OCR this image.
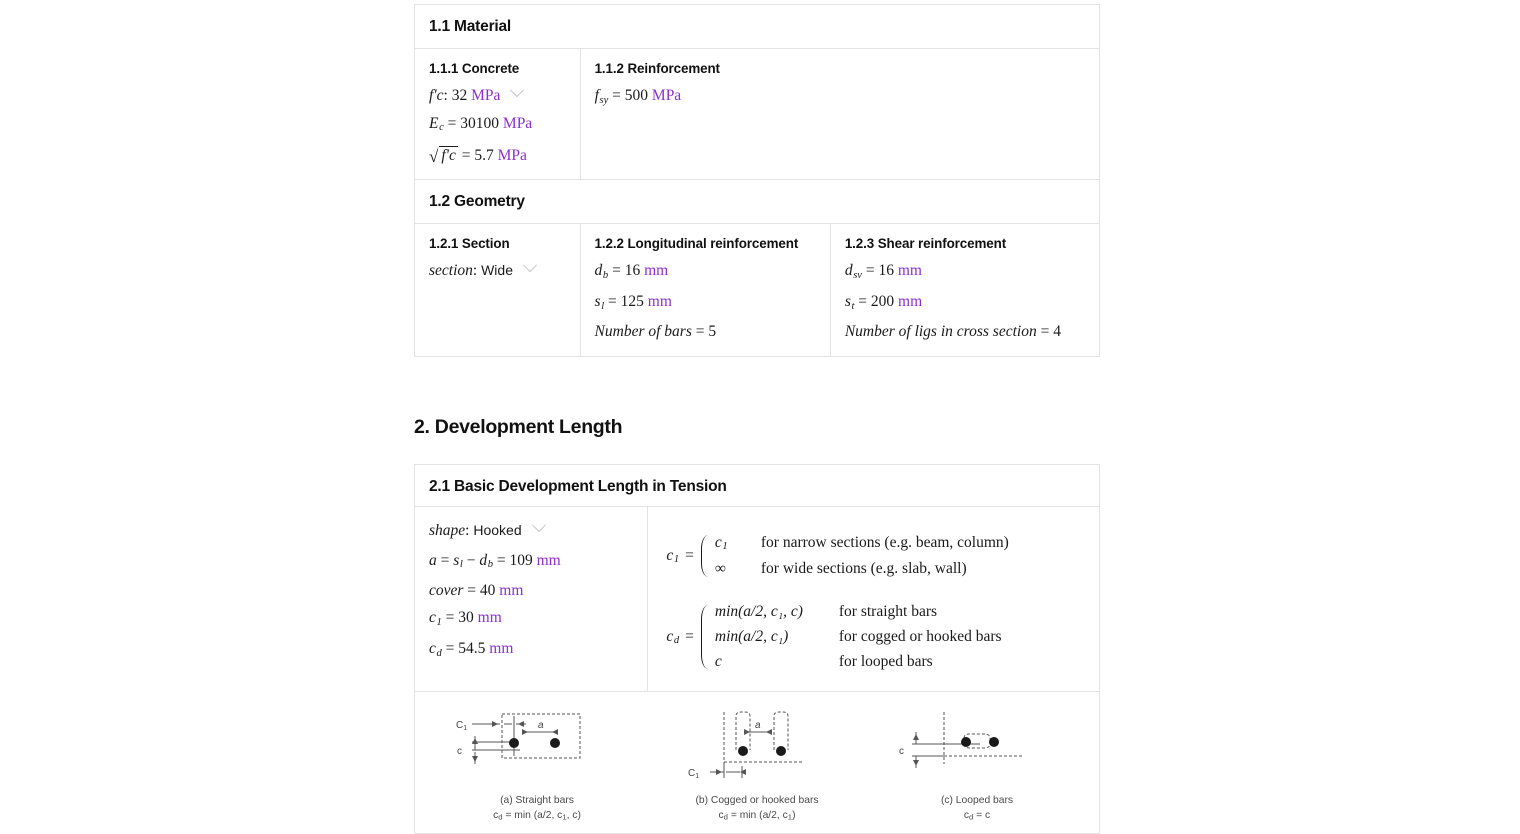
1.1 Material
1.1.1 Concrete
f'c: 32 MPa
$E_c = 30100$ MPa
√ f'c = 5.7 MPa
1.1.2 Reinforcement
$f_{sy} = 500$ MPa
1.2 Geometry
1.2.1 Section
section: Wide
1.2.2 Longitudinal reinforcement
$d_b = 16$ mm
$s_l = 125$ mm
Number of bars = 5
1.2.3 Shear reinforcement
$d_{sv} = 16$ mm
$s_t = 200$ mm
Number of ligs in cross section = 4
2. Development Length
2.1 Basic Development Length in Tension
shape: Hooked
$a = s_l - d_b = 109$ mm
cover = 40 mm
$c_1 = 30$ mm
$c_d = 54.5$ mm
$c_1$ =
$c_1$	for narrow sections (e.g. beam, column)
∞	for wide sections (e.g. slab, wall)
$c_d$ =
min(a/2, c₁, c)	for straight bars
min(a/2, c₁)	for cogged or hooked bars
c	for looped bars
$C_1$
c
a
(a) Straight bars
cd = min (a/2, c1, c)
$C_1$
a
(b) Cogged or hooked bars
cd = min (a/2, c1)
c
(c) Looped bars
cd = c
